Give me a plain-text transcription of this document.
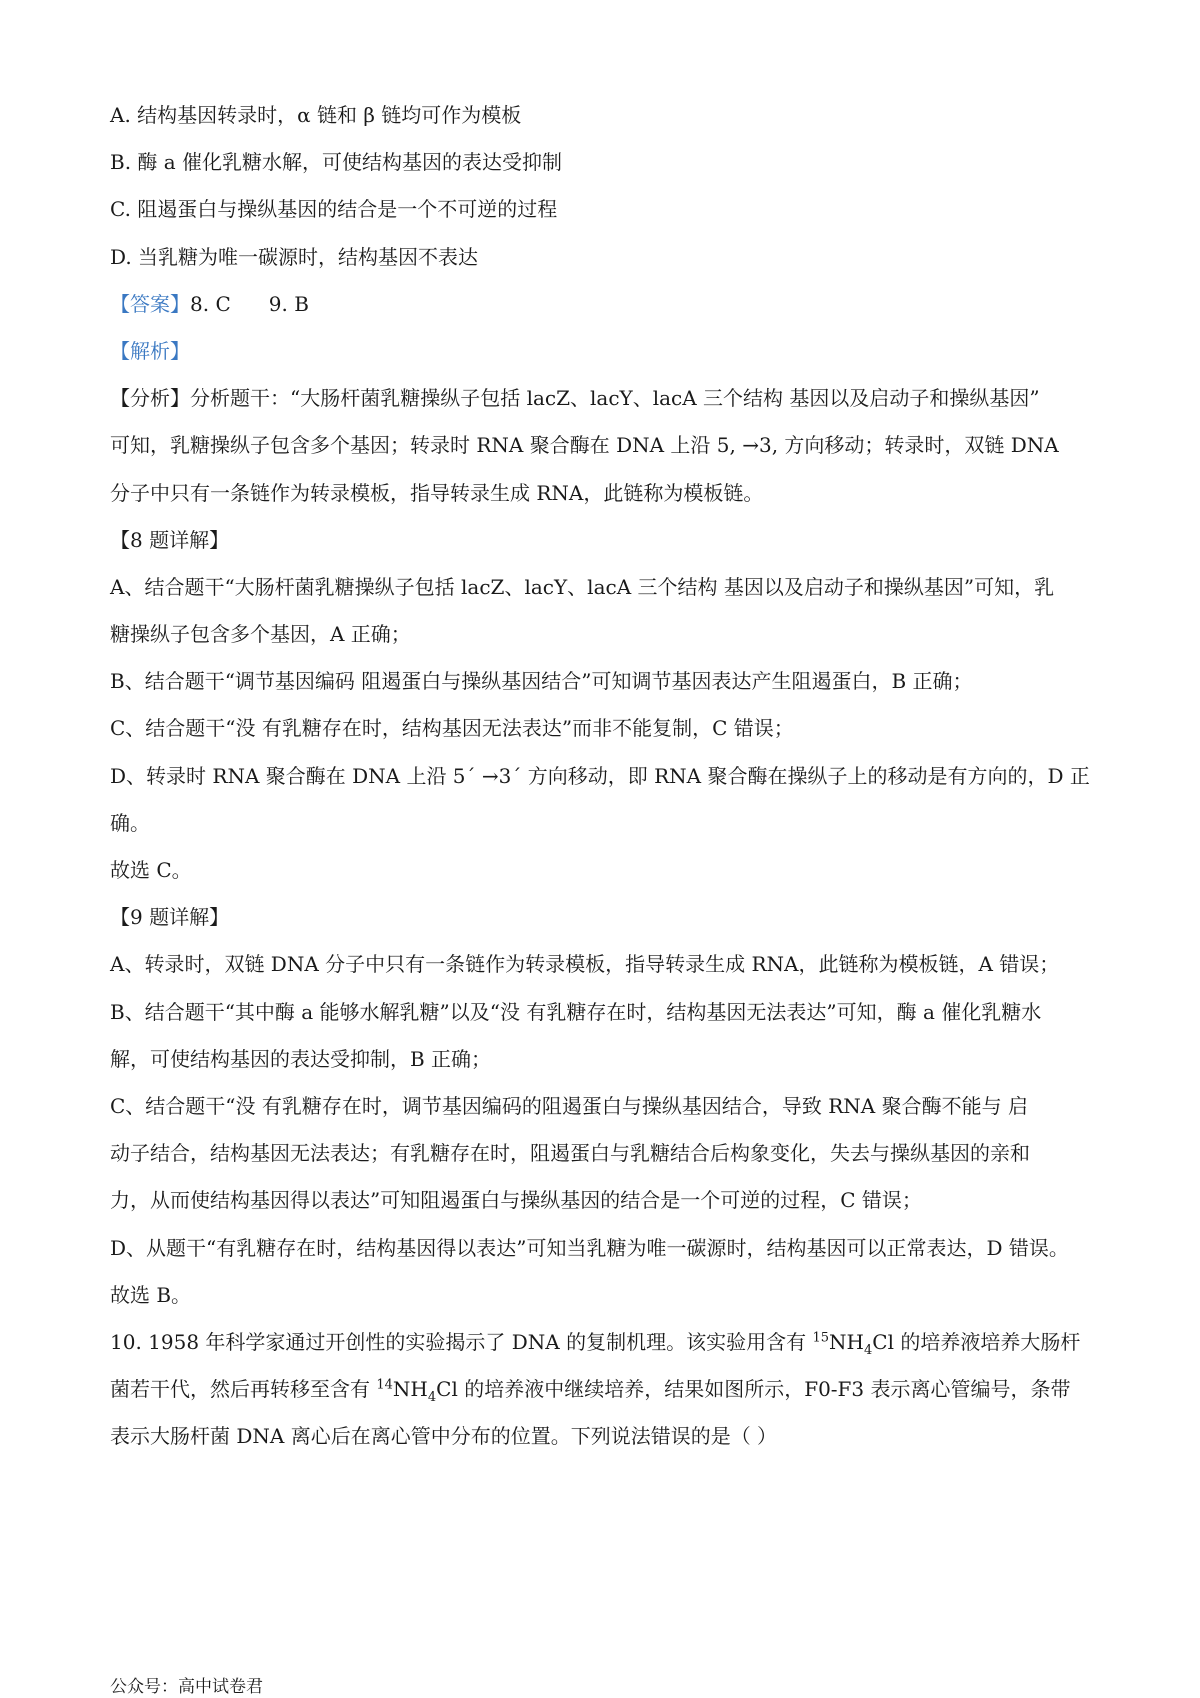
A. 结构基因转录时，α 链和 β 链均可作为模板
B. 酶 a 催化乳糖水解，可使结构基因的表达受抑制
C. 阻遏蛋白与操纵基因的结合是一个不可逆的过程
D. 当乳糖为唯一碳源时，结构基因不表达
【答案】8. C 9. B
【解析】
【分析】分析题干：“大肠杆菌乳糖操纵子包括 lacZ、lacY、lacA 三个结构 基因以及启动子和操纵基因”
可知，乳糖操纵子包含多个基因；转录时 RNA 聚合酶在 DNA 上沿 5, →3, 方向移动；转录时，双链 DNA
分子中只有一条链作为转录模板，指导转录生成 RNA，此链称为模板链。
【8 题详解】
A、结合题干“大肠杆菌乳糖操纵子包括 lacZ、lacY、lacA 三个结构 基因以及启动子和操纵基因”可知，乳
糖操纵子包含多个基因，A 正确；
B、结合题干“调节基因编码 阻遏蛋白与操纵基因结合”可知调节基因表达产生阻遏蛋白，B 正确；
C、结合题干“没 有乳糖存在时，结构基因无法表达”而非不能复制，C 错误；
D、转录时 RNA 聚合酶在 DNA 上沿 5ˊ →3ˊ 方向移动，即 RNA 聚合酶在操纵子上的移动是有方向的，D 正
确。
故选 C。
【9 题详解】
A、转录时，双链 DNA 分子中只有一条链作为转录模板，指导转录生成 RNA，此链称为模板链，A 错误；
B、结合题干“其中酶 a 能够水解乳糖”以及“没 有乳糖存在时，结构基因无法表达”可知，酶 a 催化乳糖水
解，可使结构基因的表达受抑制，B 正确；
C、结合题干“没 有乳糖存在时，调节基因编码的阻遏蛋白与操纵基因结合，导致 RNA 聚合酶不能与 启
动子结合，结构基因无法表达；有乳糖存在时，阻遏蛋白与乳糖结合后构象变化，失去与操纵基因的亲和
力，从而使结构基因得以表达”可知阻遏蛋白与操纵基因的结合是一个可逆的过程，C 错误；
D、从题干“有乳糖存在时，结构基因得以表达”可知当乳糖为唯一碳源时，结构基因可以正常表达，D 错误。
故选 B。
10. 1958 年科学家通过开创性的实验揭示了 DNA 的复制机理。该实验用含有 $^{15}NH_4Cl$ 的培养液培养大肠杆
菌若干代，然后再转移至含有 $^{14}NH_4Cl$ 的培养液中继续培养，结果如图所示，F0-F3 表示离心管编号，条带
表示大肠杆菌 DNA 离心后在离心管中分布的位置。下列说法错误的是（ ）
公众号：高中试卷君
